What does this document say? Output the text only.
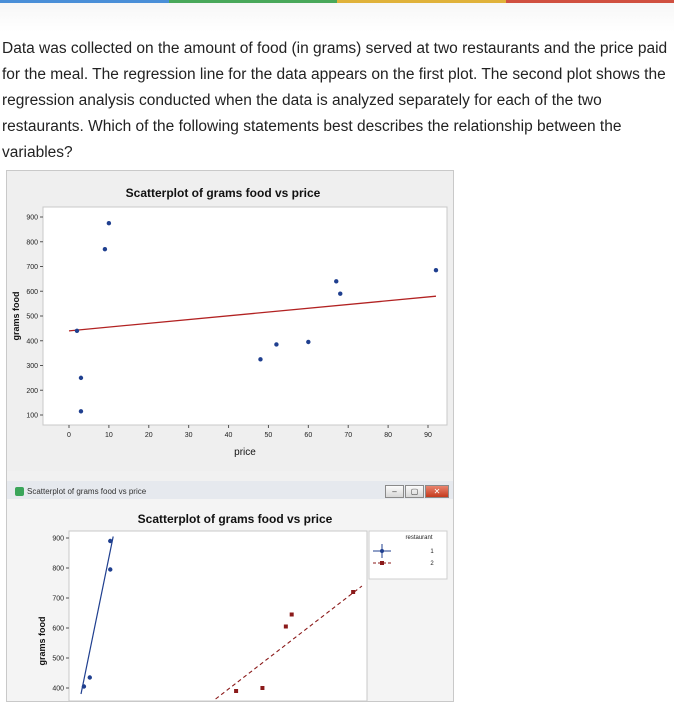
Data was collected on the amount of food (in grams) served at two restaurants and the price paid for the meal. The regression line for the data appears on the first plot. The second plot shows the regression analysis conducted when the data is analyzed separately for each of the two restaurants. Which of the following statements best describes the relationship between the variables?

Scatterplot of grams food vs price
0	10	20	30	40	50	60	70	80	90
100
200
300
400
500
600
700
800
900
price
grams food
Scatterplot of grams food vs price
400
500
600
700
800
900
grams food
restaurant
1
2
Scatterplot of grams food vs price	–	▢	✕
